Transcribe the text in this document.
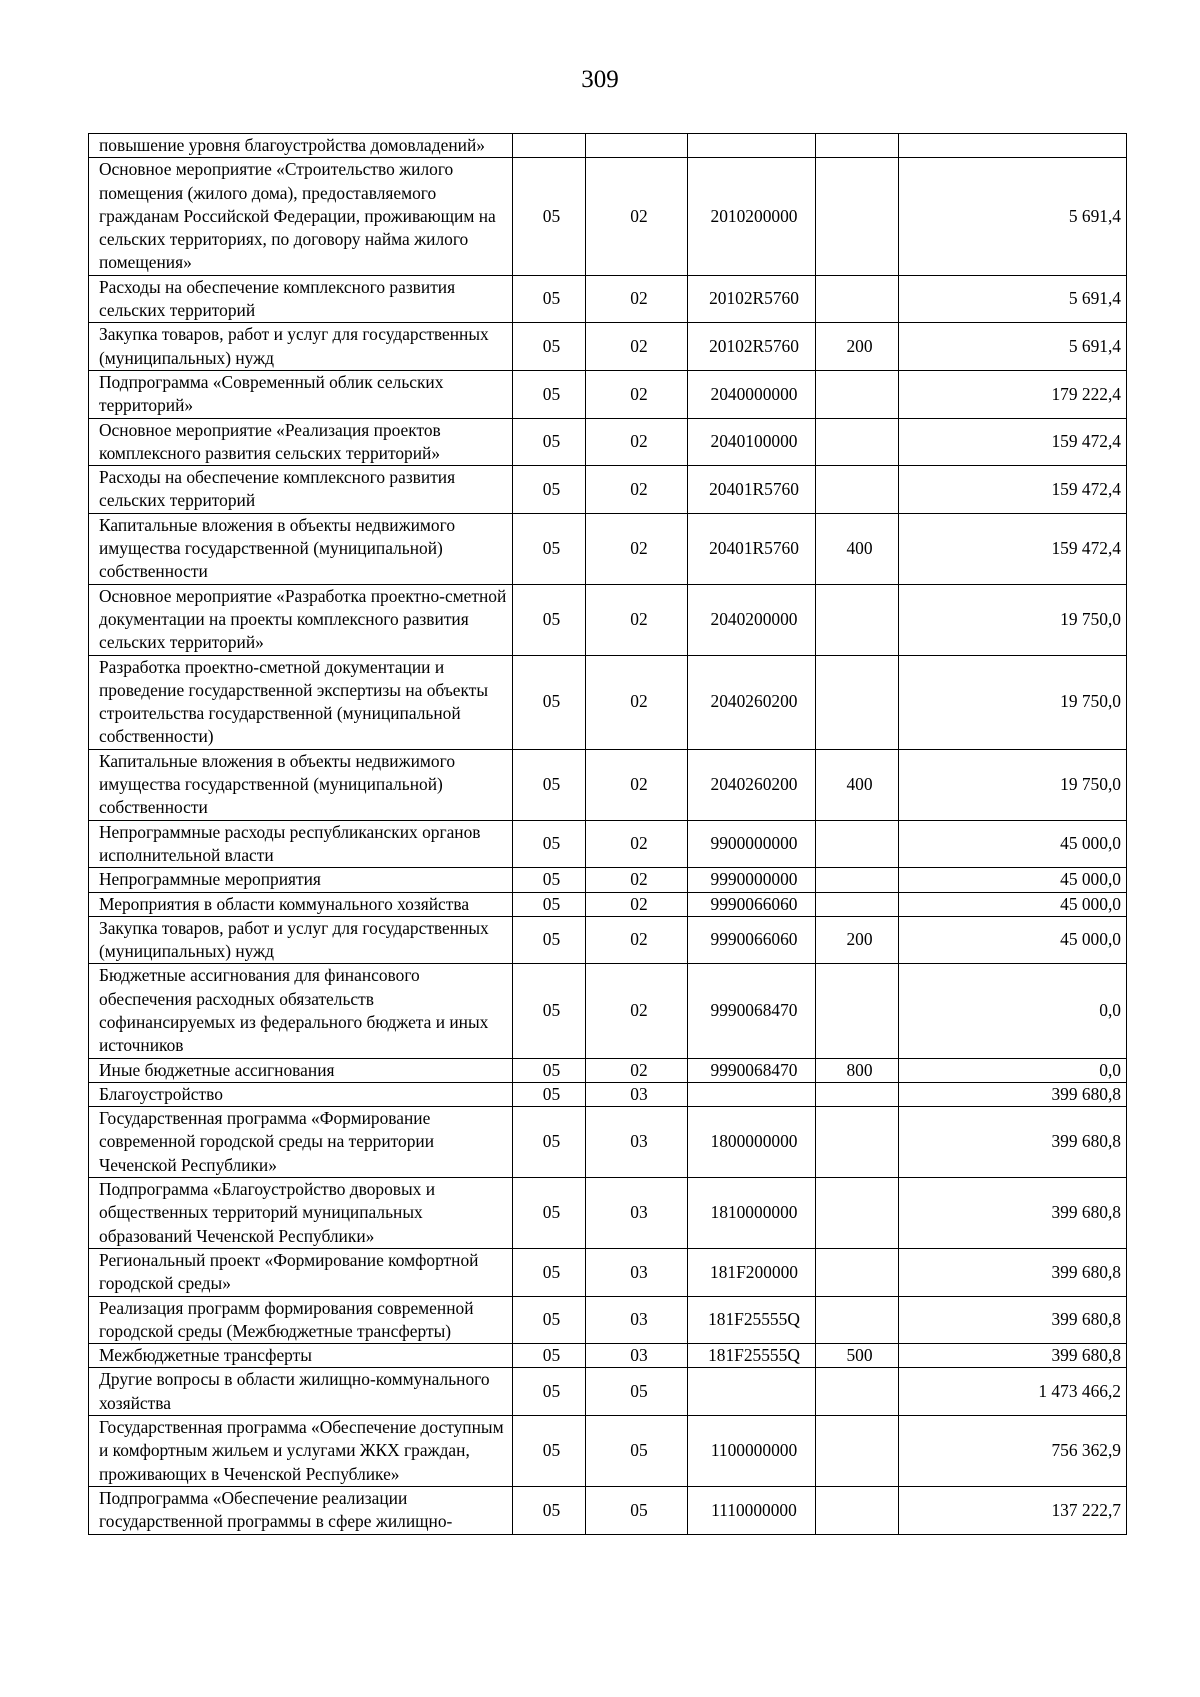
309
повышение уровня благоустройства домовладений»					
Основное мероприятие «Строительство жилого помещения (жилого дома), предоставляемого гражданам Российской Федерации, проживающим на сельских территориях, по договору найма жилого помещения»	05	02	2010200000		5 691,4
Расходы на обеспечение комплексного развития сельских территорий	05	02	20102R5760		5 691,4
Закупка товаров, работ и услуг для государственных (муниципальных) нужд	05	02	20102R5760	200	5 691,4
Подпрограмма «Современный облик сельских территорий»	05	02	2040000000		179 222,4
Основное мероприятие «Реализация проектов комплексного развития сельских территорий»	05	02	2040100000		159 472,4
Расходы на обеспечение комплексного развития сельских территорий	05	02	20401R5760		159 472,4
Капитальные вложения в объекты недвижимого имущества государственной (муниципальной) собственности	05	02	20401R5760	400	159 472,4
Основное мероприятие «Разработка проектно-сметной документации на проекты комплексного развития сельских территорий»	05	02	2040200000		19 750,0
Разработка проектно-сметной документации и проведение государственной экспертизы на объекты строительства государственной (муниципальной собственности)	05	02	2040260200		19 750,0
Капитальные вложения в объекты недвижимого имущества государственной (муниципальной) собственности	05	02	2040260200	400	19 750,0
Непрограммные расходы республиканских органов исполнительной власти	05	02	9900000000		45 000,0
Непрограммные мероприятия	05	02	9990000000		45 000,0
Мероприятия в области коммунального хозяйства	05	02	9990066060		45 000,0
Закупка товаров, работ и услуг для государственных (муниципальных) нужд	05	02	9990066060	200	45 000,0
Бюджетные ассигнования для финансового обеспечения расходных обязательств софинансируемых из федерального бюджета и иных источников	05	02	9990068470		0,0
Иные бюджетные ассигнования	05	02	9990068470	800	0,0
Благоустройство	05	03			399 680,8
Государственная программа «Формирование современной городской среды на территории Чеченской Республики»	05	03	1800000000		399 680,8
Подпрограмма «Благоустройство дворовых и общественных территорий муниципальных образований Чеченской Республики»	05	03	1810000000		399 680,8
Региональный проект «Формирование комфортной городской среды»	05	03	181F200000		399 680,8
Реализация программ формирования современной городской среды (Межбюджетные трансферты)	05	03	181F25555Q		399 680,8
Межбюджетные трансферты	05	03	181F25555Q	500	399 680,8
Другие вопросы в области жилищно-коммунального хозяйства	05	05			1 473 466,2
Государственная программа «Обеспечение доступным и комфортным жильем и услугами ЖКХ граждан, проживающих в Чеченской Республике»	05	05	1100000000		756 362,9
Подпрограмма «Обеспечение реализации государственной программы в сфере жилищно-	05	05	1110000000		137 222,7
